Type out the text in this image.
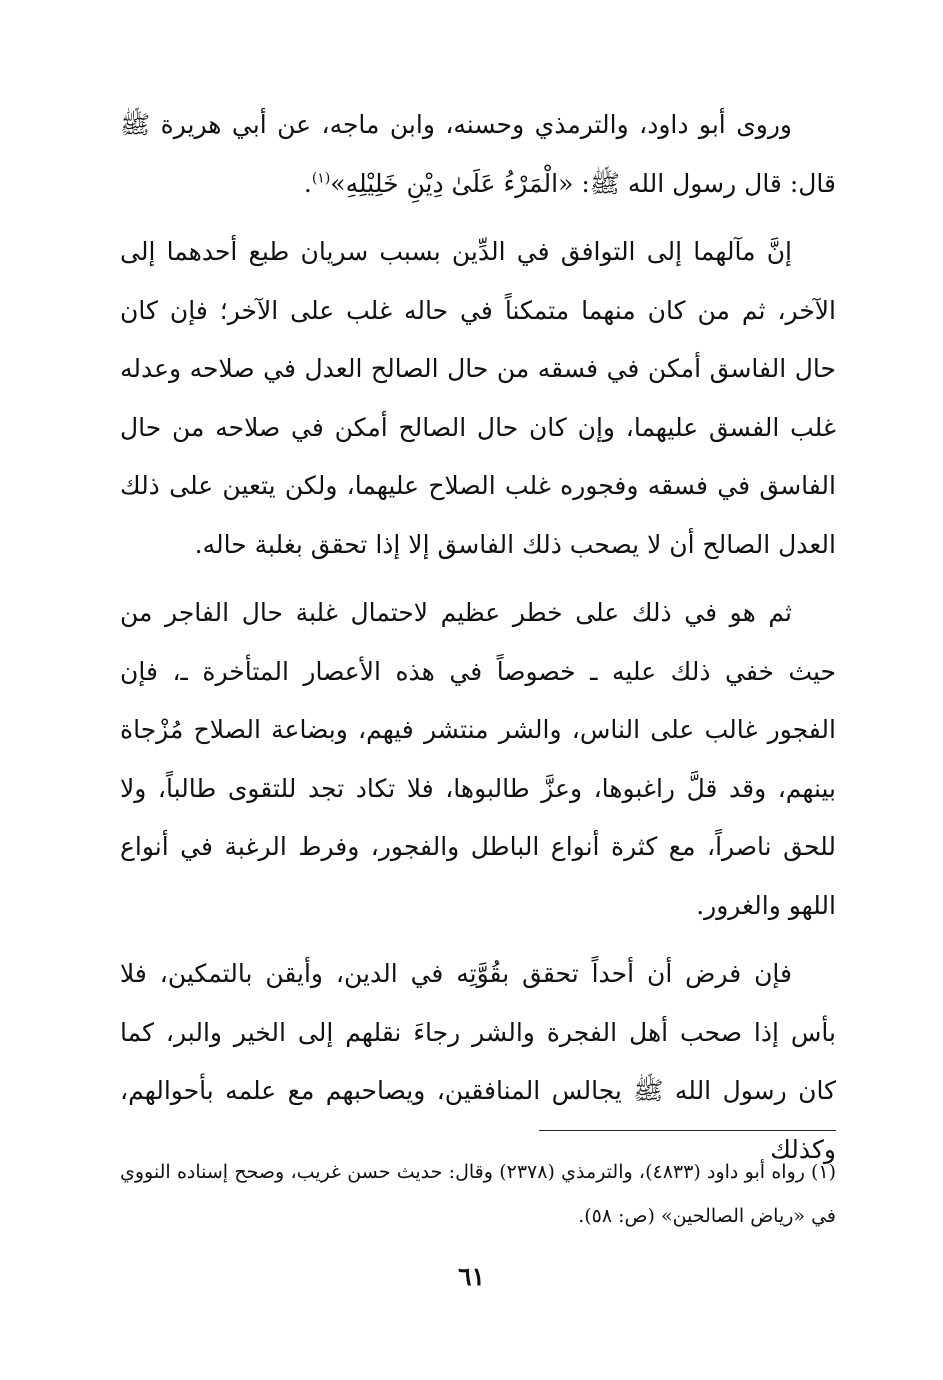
وروى أبو داود، والترمذي وحسنه، وابن ماجه، عن أبي هريرة ﷺ قال: قال رسول الله ﷺ: «الْمَرْءُ عَلَىٰ دِيْنِ خَلِيْلِهِ»$^{(١)}$.

إنَّ مآلهما إلى التوافق في الدِّين بسبب سريان طبع أحدهما إلى الآخر، ثم من كان منهما متمكناً في حاله غلب على الآخر؛ فإن كان حال الفاسق أمكن في فسقه من حال الصالح العدل في صلاحه وعدله غلب الفسق عليهما، وإن كان حال الصالح أمكن في صلاحه من حال الفاسق في فسقه وفجوره غلب الصلاح عليهما، ولكن يتعين على ذلك العدل الصالح أن لا يصحب ذلك الفاسق إلا إذا تحقق بغلبة حاله.

ثم هو في ذلك على خطر عظيم لاحتمال غلبة حال الفاجر من حيث خفي ذلك عليه ـ خصوصاً في هذه الأعصار المتأخرة ـ، فإن الفجور غالب على الناس، والشر منتشر فيهم، وبضاعة الصلاح مُزْجاة بينهم، وقد قلَّ راغبوها، وعزَّ طالبوها، فلا تكاد تجد للتقوى طالباً، ولا للحق ناصراً، مع كثرة أنواع الباطل والفجور، وفرط الرغبة في أنواع اللهو والغرور.

فإن فرض أن أحداً تحقق بقُوَّتِه في الدين، وأيقن بالتمكين، فلا بأس إذا صحب أهل الفجرة والشر رجاءَ نقلهم إلى الخير والبر، كما كان رسول الله ﷺ يجالس المنافقين، ويصاحبهم مع علمه بأحوالهم، وكذلك

(١)رواه أبو داود (٤٨٣٣)، والترمذي (٢٣٧٨) وقال: حديث حسن غريب، وصحح إسناده النووي في «رياض الصالحين» (ص: ٥٨).

٦١
